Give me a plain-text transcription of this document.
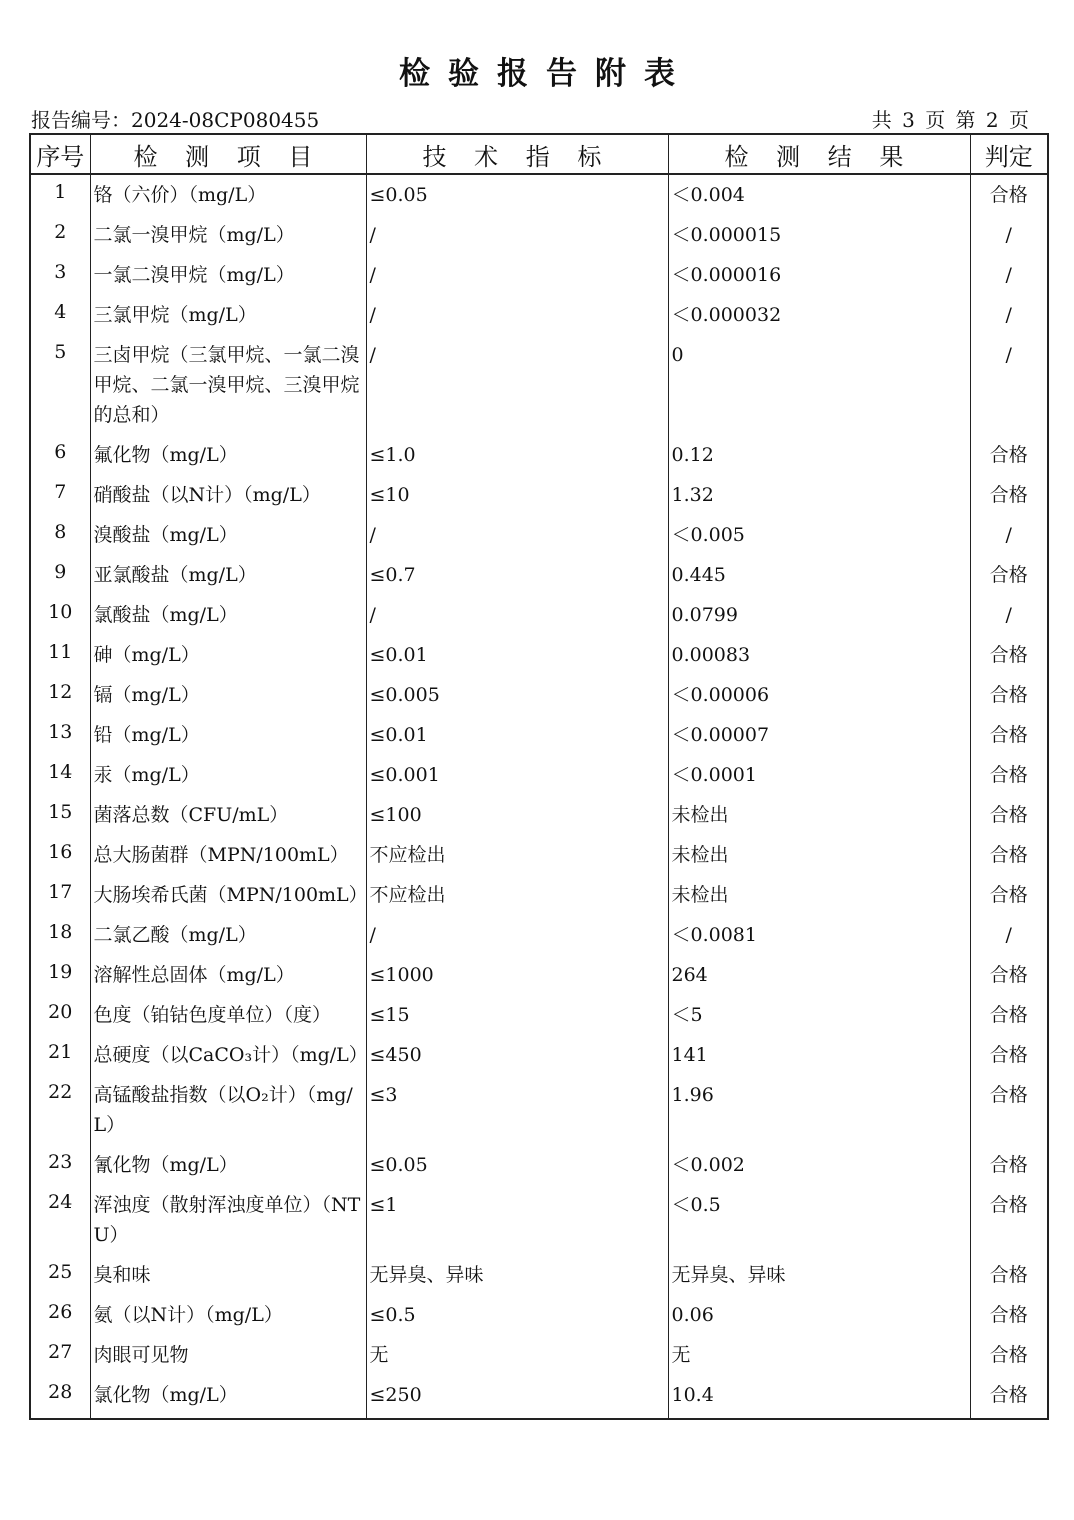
检验报告附表
报告编号：2024-08CP080455	共 3 页 第 2 页
序号	检 测 项 目	技 术 指 标	检 测 结 果	判定
1	铬（六价）（mg/L）	≤0.05	＜0.004	合格
2	二氯一溴甲烷（mg/L）	/	＜0.000015	/
3	一氯二溴甲烷（mg/L）	/	＜0.000016	/
4	三氯甲烷（mg/L）	/	＜0.000032	/
5	三卤甲烷（三氯甲烷、一氯二溴甲烷、二氯一溴甲烷、三溴甲烷的总和）	/	0	/
6	氟化物（mg/L）	≤1.0	0.12	合格
7	硝酸盐（以N计）（mg/L）	≤10	1.32	合格
8	溴酸盐（mg/L）	/	＜0.005	/
9	亚氯酸盐（mg/L）	≤0.7	0.445	合格
10	氯酸盐（mg/L）	/	0.0799	/
11	砷（mg/L）	≤0.01	0.00083	合格
12	镉（mg/L）	≤0.005	＜0.00006	合格
13	铅（mg/L）	≤0.01	＜0.00007	合格
14	汞（mg/L）	≤0.001	＜0.0001	合格
15	菌落总数（CFU/mL）	≤100	未检出	合格
16	总大肠菌群（MPN/100mL）	不应检出	未检出	合格
17	大肠埃希氏菌（MPN/100mL）	不应检出	未检出	合格
18	二氯乙酸（mg/L）	/	＜0.0081	/
19	溶解性总固体（mg/L）	≤1000	264	合格
20	色度（铂钴色度单位）（度）	≤15	＜5	合格
21	总硬度（以CaCO₃计）（mg/L）	≤450	141	合格
22	高锰酸盐指数（以O₂计）（mg/L）	≤3	1.96	合格
23	氰化物（mg/L）	≤0.05	＜0.002	合格
24	浑浊度（散射浑浊度单位）（NTU）	≤1	＜0.5	合格
25	臭和味	无异臭、异味	无异臭、异味	合格
26	氨（以N计）（mg/L）	≤0.5	0.06	合格
27	肉眼可见物	无	无	合格
28	氯化物（mg/L）	≤250	10.4	合格
